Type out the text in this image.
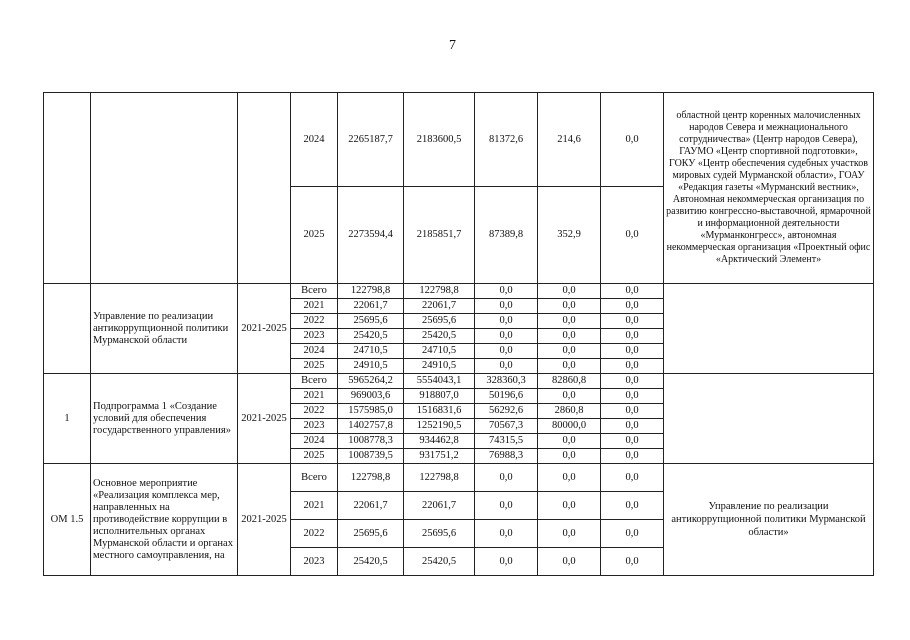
7
			2024	2265187,7	2183600,5	81372,6	214,6	0,0	областной центр коренных малочисленных народов Севера и межнационального сотрудничества» (Центр народов Севера), ГАУМО «Центр спортивной подготовки», ГОКУ «Центр обеспечения судебных участков мировых судей Мурманской области», ГОАУ «Редакция газеты «Мурманский вестник», Автономная некоммерческая организация по развитию конгрессно-выставочной, ярмарочной и информационной деятельности «Мурманконгресс», автономная некоммерческая организация «Проектный офис «Арктический Элемент»
			2025	2273594,4	2185851,7	87389,8	352,9	0,0	
	Управление по реализации антикоррупционной политики Мурманской области	2021-2025	Всего	122798,8	122798,8	0,0	0,0	0,0	
			2021	22061,7	22061,7	0,0	0,0	0,0	
			2022	25695,6	25695,6	0,0	0,0	0,0	
			2023	25420,5	25420,5	0,0	0,0	0,0	
			2024	24710,5	24710,5	0,0	0,0	0,0	
			2025	24910,5	24910,5	0,0	0,0	0,0	
1	Подпрограмма 1 «Создание условий для обеспечения государственного управления»	2021-2025	Всего	5965264,2	5554043,1	328360,3	82860,8	0,0	
			2021	969003,6	918807,0	50196,6	0,0	0,0	
			2022	1575985,0	1516831,6	56292,6	2860,8	0,0	
			2023	1402757,8	1252190,5	70567,3	80000,0	0,0	
			2024	1008778,3	934462,8	74315,5	0,0	0,0	
			2025	1008739,5	931751,2	76988,3	0,0	0,0	
ОМ 1.5	Основное мероприятие «Реализация комплекса мер, направленных на противодействие коррупции в исполнительных органах Мурманской области и органах местного самоуправления, на	2021-2025	Всего	122798,8	122798,8	0,0	0,0	0,0	Управление по реализации антикоррупционной политики Мурманской области»
			2021	22061,7	22061,7	0,0	0,0	0,0	
			2022	25695,6	25695,6	0,0	0,0	0,0	
			2023	25420,5	25420,5	0,0	0,0	0,0	
